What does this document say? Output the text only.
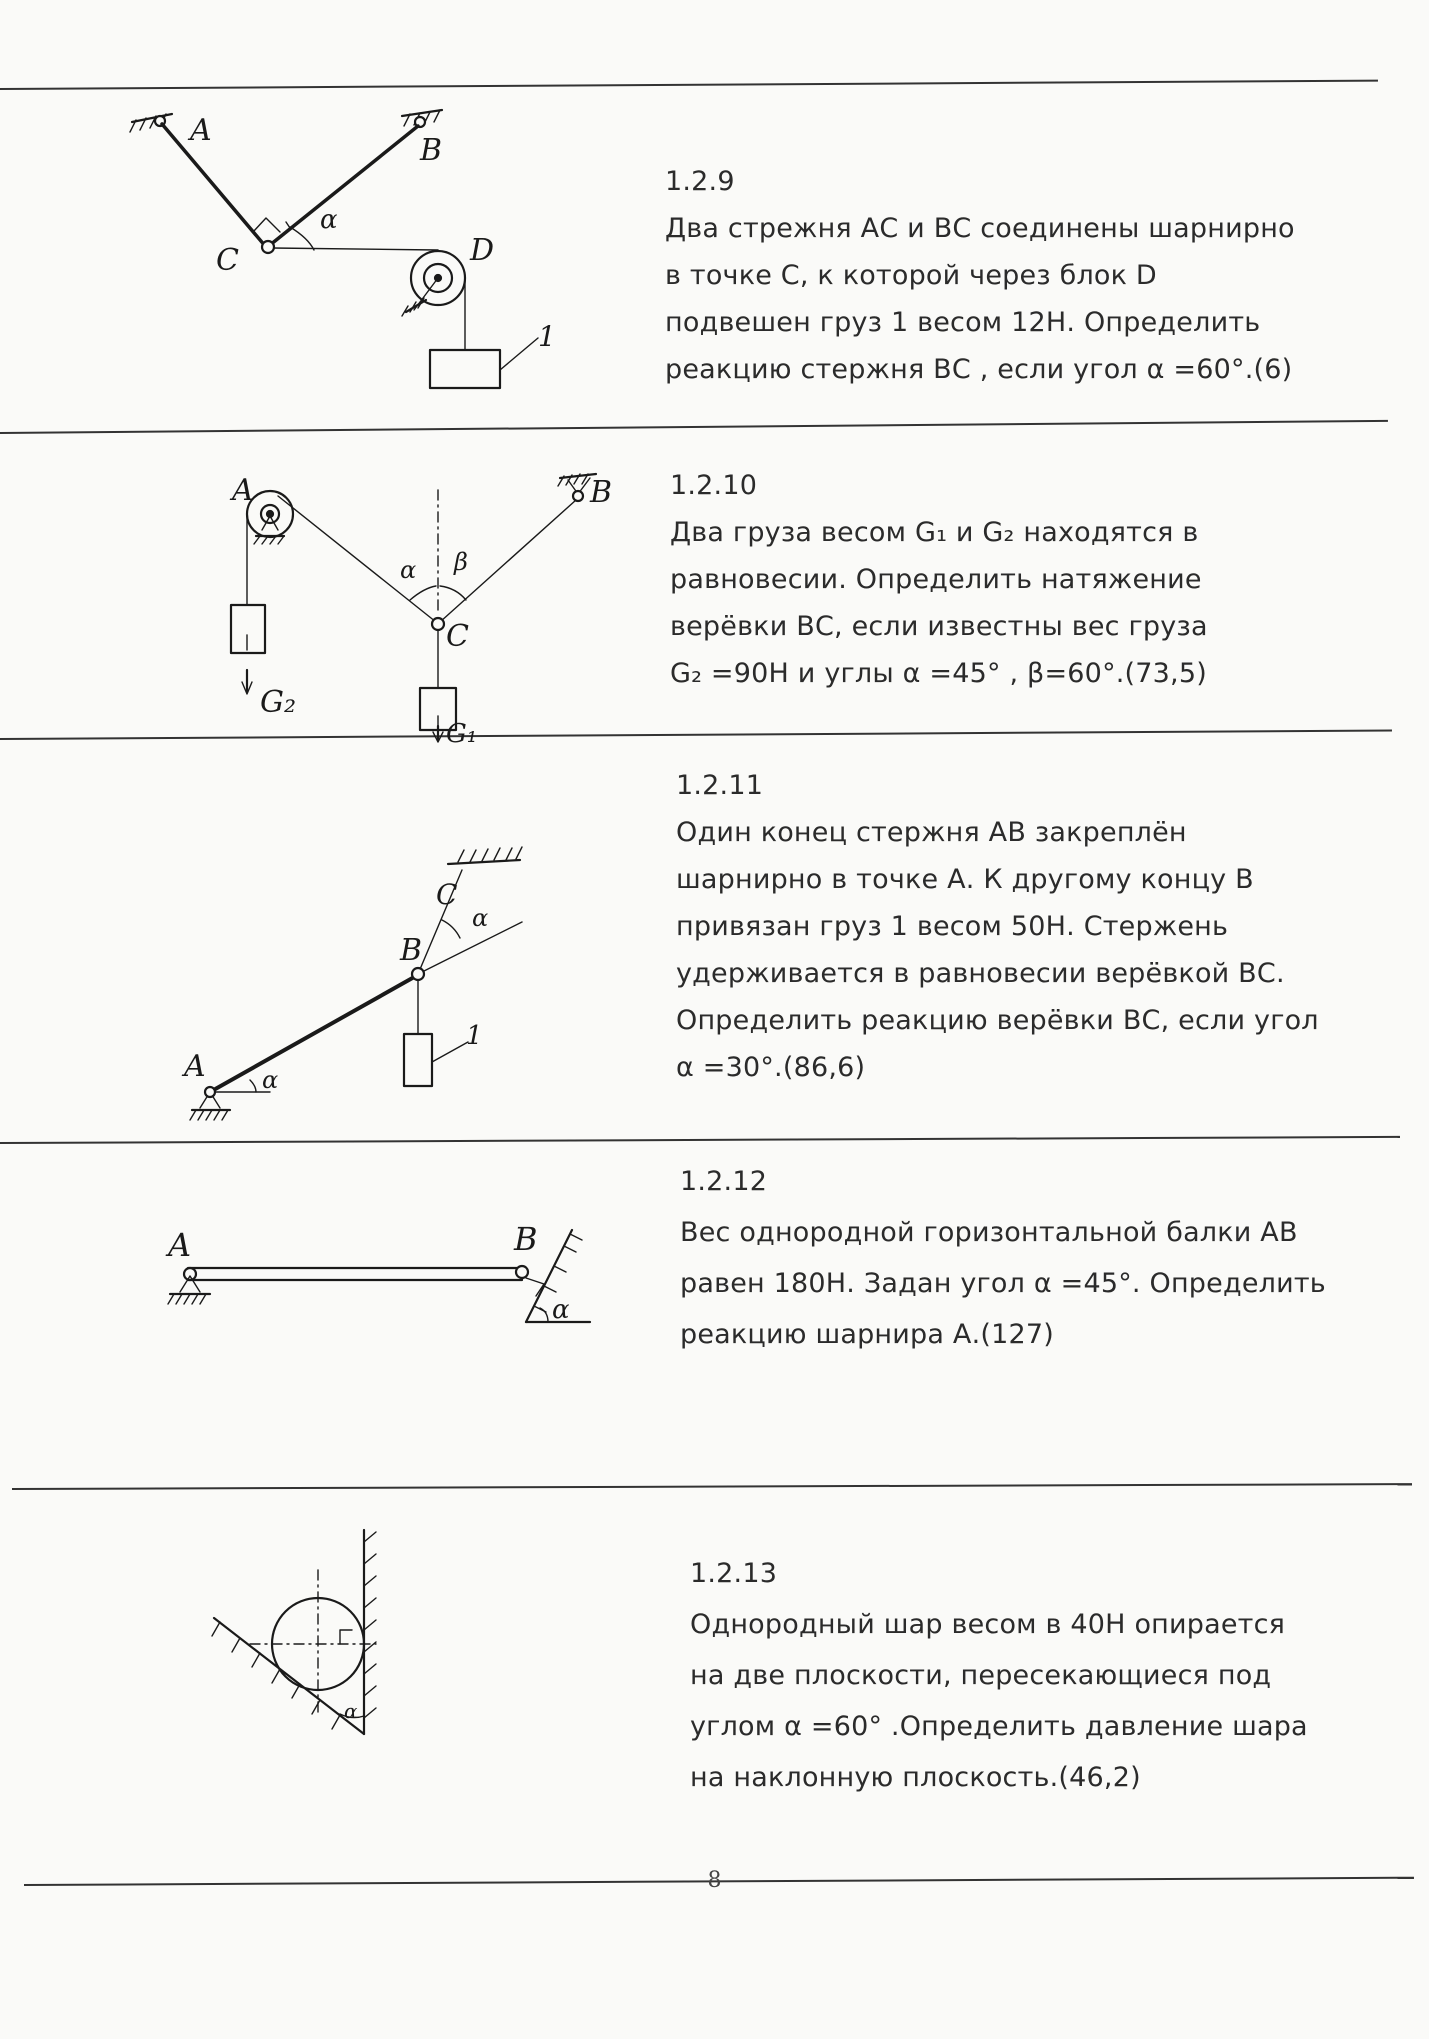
A
B
C	D
α
1
1.2.9
Два стрежня АС и ВС соединены шарнирно
в точке С, к которой через блок D
подвешен груз 1 весом 12Н. Определить
реакцию стержня ВС , если угол α =60°.(6)
A	B
C
α β
G₂
G₁
1.2.10
Два груза весом G₁ и G₂ находятся в
равновесии. Определить натяжение
верёвки ВС, если известны вес груза
G₂ =90Н и углы α =45° , β=60°.(73,5)
A
B
C
α
α
1
1.2.11
Один конец стержня АВ закреплён
шарнирно в точке А. К другому концу В
привязан груз 1 весом 50Н. Стержень
удерживается в равновесии верёвкой ВС.
Определить реакцию верёвки ВС, если угол
α =30°.(86,6)
A	B
α
1.2.12
Вес однородной горизонтальной балки АВ
равен 180Н. Задан угол α =45°. Определить
реакцию шарнира А.(127)
α
1.2.13
Однородный шар весом в 40Н опирается
на две плоскости, пересекающиеся под
углом α =60° .Определить давление шара
на наклонную плоскость.(46,2)
8
